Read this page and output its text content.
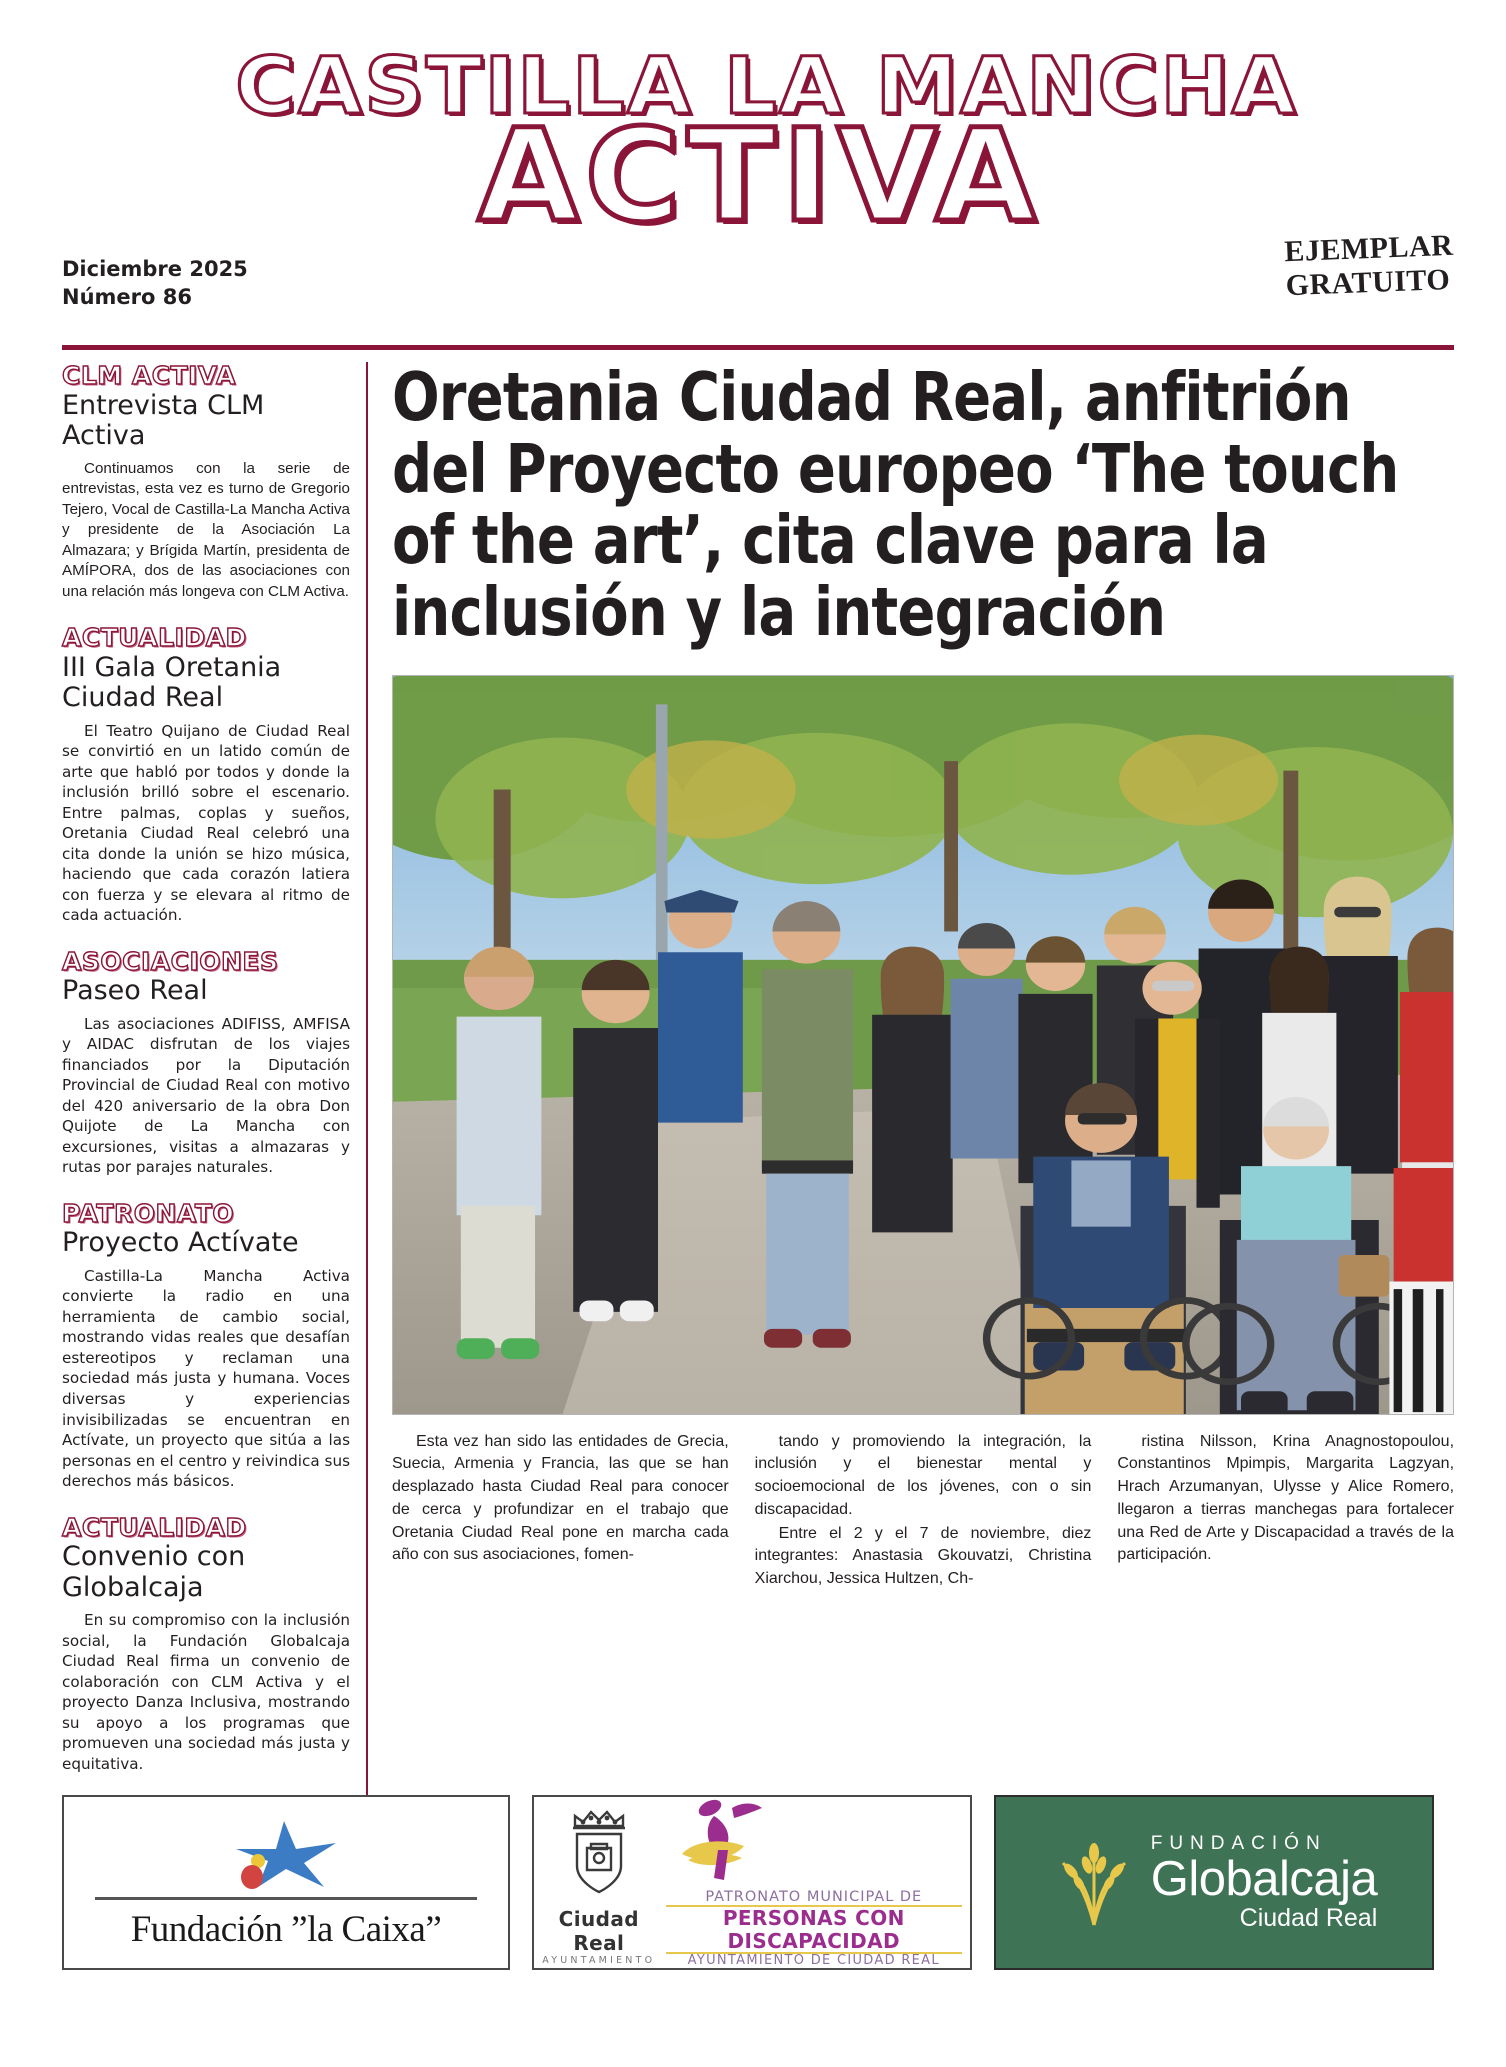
CASTILLA LA MANCHA
ACTIVA
Diciembre 2025
Número 86
EJEMPLAR
GRATUITO
CLM ACTIVA
Entrevista CLM Activa

Continuamos con la serie de entrevistas, esta vez es turno de Gregorio Tejero, Vocal de Castilla-La Mancha Activa y presidente de la Asociación La Almazara; y Brígida Martín, presidenta de AMÍPORA, dos de las asociaciones con una relación más longeva con CLM Activa.

ACTUALIDAD
III Gala Oretania Ciudad Real

El Teatro Quijano de Ciudad Real se convirtió en un latido común de arte que habló por todos y donde la inclusión brilló sobre el escenario. Entre palmas, coplas y sueños, Oretania Ciudad Real celebró una cita donde la unión se hizo música, haciendo que cada corazón latiera con fuerza y se elevara al ritmo de cada actuación.

ASOCIACIONES
Paseo Real

Las asociaciones ADIFISS, AMFISA y AIDAC disfrutan de los viajes financiados por la Diputación Provincial de Ciudad Real con motivo del 420 aniversario de la obra Don Quijote de La Mancha con excursiones, visitas a almazaras y rutas por parajes naturales.

PATRONATO
Proyecto Actívate

Castilla-La Mancha Activa convierte la radio en una herramienta de cambio social, mostrando vidas reales que desafían estereotipos y reclaman una sociedad más justa y humana. Voces diversas y experiencias invisibilizadas se encuentran en Actívate, un proyecto que sitúa a las personas en el centro y reivindica sus derechos más básicos.

ACTUALIDAD
Convenio con Globalcaja

En su compromiso con la inclusión social, la Fundación Globalcaja Ciudad Real firma un convenio de colaboración con CLM Activa y el proyecto Danza Inclusiva, mostrando su apoyo a los programas que promueven una sociedad más justa y equitativa.

Oretania Ciudad Real, anfitrión del Proyecto europeo ‘The touch of the art’, cita clave para la inclusión y la integración

Esta vez han sido las entidades de Grecia, Suecia, Armenia y Francia, las que se han desplazado hasta Ciudad Real para conocer de cerca y profundizar en el trabajo que Oretania Ciudad Real pone en marcha cada año con sus asociaciones, fomen-

tando y promoviendo la integración, la inclusión y el bienestar mental y socioemocional de los jóvenes, con o sin discapacidad.

Entre el 2 y el 7 de noviembre, diez integrantes: Anastasia Gkouvatzi, Christina Xiarchou, Jessica Hultzen, Ch-

ristina Nilsson, Krina Anagnostopoulou, Constantinos Mpimpis, Margarita Lagzyan, Hrach Arzumanyan, Ulysse y Alice Romero, llegaron a tierras manchegas para fortalecer una Red de Arte y Discapacidad a través de la participación.

Fundación ”la Caixa”	Ciudad Real
AYUNTAMIENTO
PATRONATO MUNICIPAL DE
PERSONAS CON DISCAPACIDAD
AYUNTAMIENTO DE CIUDAD REAL
FUNDACIÓN
Globalcaja
Ciudad Real
